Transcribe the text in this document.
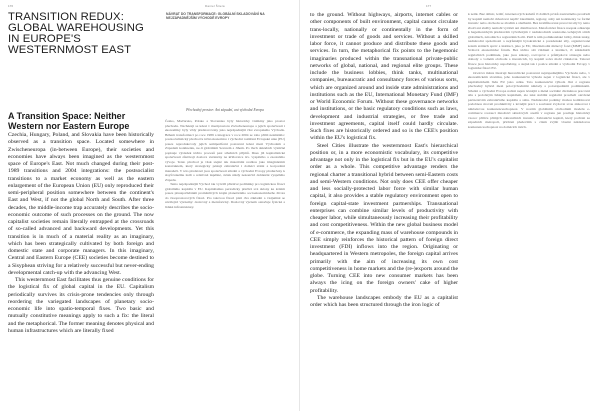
176	Daniel Šitera
TRANSITION REDUX: GLOBAL WAREHOUSING IN EUROPE'S WESTERNMOST EAST
NÁVRAT DO TRANSFORMACE: GLOBÁLNÍ SKLADOVÁNÍ NA NEJZÁPADNĚJŠÍM VÝCHODĚ EVROPY
A Transition Space: Neither Western nor Eastern Europe
Přechodný prostor: Ani západní, ani východní Evropa

Czechia, Hungary, Poland, and Slovakia have been historically observed as a transition space. Located somewhere in Zwischeneuropa (in-between Europe), their societies and economies have always been imagined as the westernmost space of Europe's East. Not much changed during their post-1989 transitions and 2004 integrations: the postsocialist transitions to a market economy as well as the eastern enlargement of the European Union (EU) only reproduced their semi-peripheral position somewhere between the continent's East and West, if not the global North and South. After three decades, the middle-income trap accurately describes the socio-economic outcome of such processes on the ground. The now capitalist societies remain literally entrapped at the crossroads of so-called advanced and backward developments. Yet this transition is in much of a material reality as an imaginary, which has been strategically cultivated by both foreign and domestic state and corporate managers. In this imaginary, Central and Eastern Europe (CEE) societies become destined to a Sisyphean striving for a relatively successful but never-ending developmental catch-up with the advancing West.

This westernmost East facilitates thus genuine conditions for the logistical fix of global capital in the EU. Capitalism periodically survives its crisis-prone tendencies only through reordering the variegated landscapes of planetary socio-economic life into spatio-temporal fixes. Two basic and mutually constitutive meanings apply to such a fix: the literal and the metaphorical. The former meaning denotes physical and human infrastructures which are literally fixed

Česko, Maďarsko, Polsko a Slovensko byly historicky vnímány jako prostor přechodu. Nacházejí se kdesi v meziprostoru Zwischeneuropa a jejich společnosti i ekonomiky byly vždy představovány jako nejzápadnější část evropského Východu. Během transformací po roce 1989 a integrace v roce 2004 se toho příliš nezměnilo: postsocialistický přechod k tržní ekonomice i východní rozšíření Evropské unie (EU) pouze reprodukovaly jejich semiperiferní postavení kdesi mezi Východem a Západem kontinentu, ne-li globálním Severem a Jihem. Po třech dekádách výstižně popisuje výsledek těchto procesů past středních příjmů. Dnes již kapitalistické společnosti zůstávají doslova uvězněny na křižovatce tzv. vyspělého a zaostalého vývoje. Tento přechod je však stejně tak materiální realitou jako imaginárním konstruktem, který strategicky pěstují zahraniční i domácí státní a korporátní manažeři. V této představě jsou společnosti střední a východní Evropy předurčeny k sisyfovskému úsilí o relativně úspěšné, avšak nikdy nekončící dohánění vyspělého Západu.

Tento nejzápadnější Východ tak vytváří příznivé podmínky pro logistickou fixaci globálního kapitálu v EU. Kapitalismus periodicky přežívá své sklony ke krizím pouze přeuspořádáním proměnlivých krajin planetárního socioekonomického života do časoprostorových fixací. Pro takovou fixaci platí dva základní a vzájemně se utvářející významy: doslovný a metaforický. Doslovný význam označuje fyzické a lidské infrastruktury.

177

to the ground. Without highways, airports, internet cables or other components of built environment, capital cannot circulate trans-locally, nationally or continentally in the form of investment or trade of goods and services. Without a skilled labor force, it cannot produce and distribute these goods and services. In turn, the metaphorical fix points to the hegemonic imaginaries produced within the transnational private-public networks of global, national, and regional elite groups. These include the business lobbies, think tanks, multinational companies, bureaucratic and consultancy forces of various sorts, which are organized around and inside state administrations and institutions such as the EU, International Monetary Fund (IMF) or World Economic Forum. Without these governance networks and institutions, or the basic regulatory conditions such as laws, development and industrial strategies, or free trade and investment agreements, capital itself could hardly circulate. Such fixes are historically ordered and so is the CEE's position within the EU's logistical fix.

Steel Cities illustrate the westernmost East's hierarchical position or, in a more economistic vocabulary, its competitive advantage not only in the logistical fix but in the EU's capitalist order as a whole. This competitive advantage renders the regional charter a transitional hybrid between semi-Eastern costs and semi-Western conditions. Not only does CEE offer cheaper and less socially-protected labor force with similar human capital, it also provides a stable regulatory environment open to foreign capital-state investment partnerships. Transnational enterprises can combine similar levels of productivity with cheaper labor, while simultaneously increasing their profitability and cost competitiveness. Within the new global business model of e-commerce, the expanding mass of warehouse compounds in CEE simply reinforces the historical pattern of foreign direct investment (FDI) inflows into the region. Originating or headquartered in Western metropoles, the foreign capital arrives primarily with the aim of increasing its own cost competitiveness in home markets and the (re-)exports around the globe. Turning CEE into new consumer markets has been always the icing on the foreign owners' cake of higher profitability.

The warehouse landscapes embody the EU as a capitalist order which has been structured through the iron logic of

k zemi. Bez dálnic, letišť, internetových kabelů či dalších prvků zastavěného prostředí by kapitál nemohl cirkulovat napříč lokalitami, regiony, státy ani kontinenty ve formě investic nebo obchodu se zbožím a službami. Bez kvalifikované pracovní síly by tento zboží ani služby nemohl vyrábět ani distribuovat. Metaforická fixace naopak odkazuje k hegemonickým představám vytvářeným v nadnárodních soukromo-veřejných sítích globálních, národních a regionálních elit. Patří k nim podnikatelské lobby, think tanky, nadnárodní společnosti a nejrůznější byrokratické a poradenské síly, organizované kolem státních správ a institucí, jako je EU, Mezinárodní měnový fond (MMF) nebo Světové ekonomické fórum. Bez těchto sítí vládnutí a institucí, či základních regulačních podmínek, jako jsou zákony, rozvojové a průmyslové strategie nebo dohody o volném obchodu a investicích, by kapitál sotva mohl cirkulovat. Takové fixace jsou historicky uspořádány, a stejně tak i pozice střední a východní Evropy v logistické fixaci EU.

Ocelová města ilustrují hierarchické postavení nejzápadnějšího Východu nebo, v ekonomickém slovníku, jeho konkurenční výhodu nejen v logistické fixaci, ale v kapitalistickém řádu EU jako celku. Tato konkurenční výhoda činí z regionu přechodný hybrid mezi polovýchodními náklady a polozápadními podmínkami. Střední a východní Evropa nabízí nejen levnější a méně sociálně chráněnou pracovní sílu s podobným lidským kapitálem, ale také stabilní regulační prostředí otevřené partnerstvím zahraničního kapitálu a státu. Nadnárodní podniky mohou kombinovat podobnou úroveň produktivity s levnější prací a současně zvyšovat svou ziskovost i nákladovou konkurenceschopnost. V novém globálním obchodním modelu e-commerce rostoucí množství skladových areálů v regionu jen posiluje historický vzorec přílivu přímých zahraničních investic. Zahraniční kapitál, který pochází ze západních metropolí, přichází především s cílem zvýšit vlastní nákladovou konkurenceschopnost na domácích trzích.
